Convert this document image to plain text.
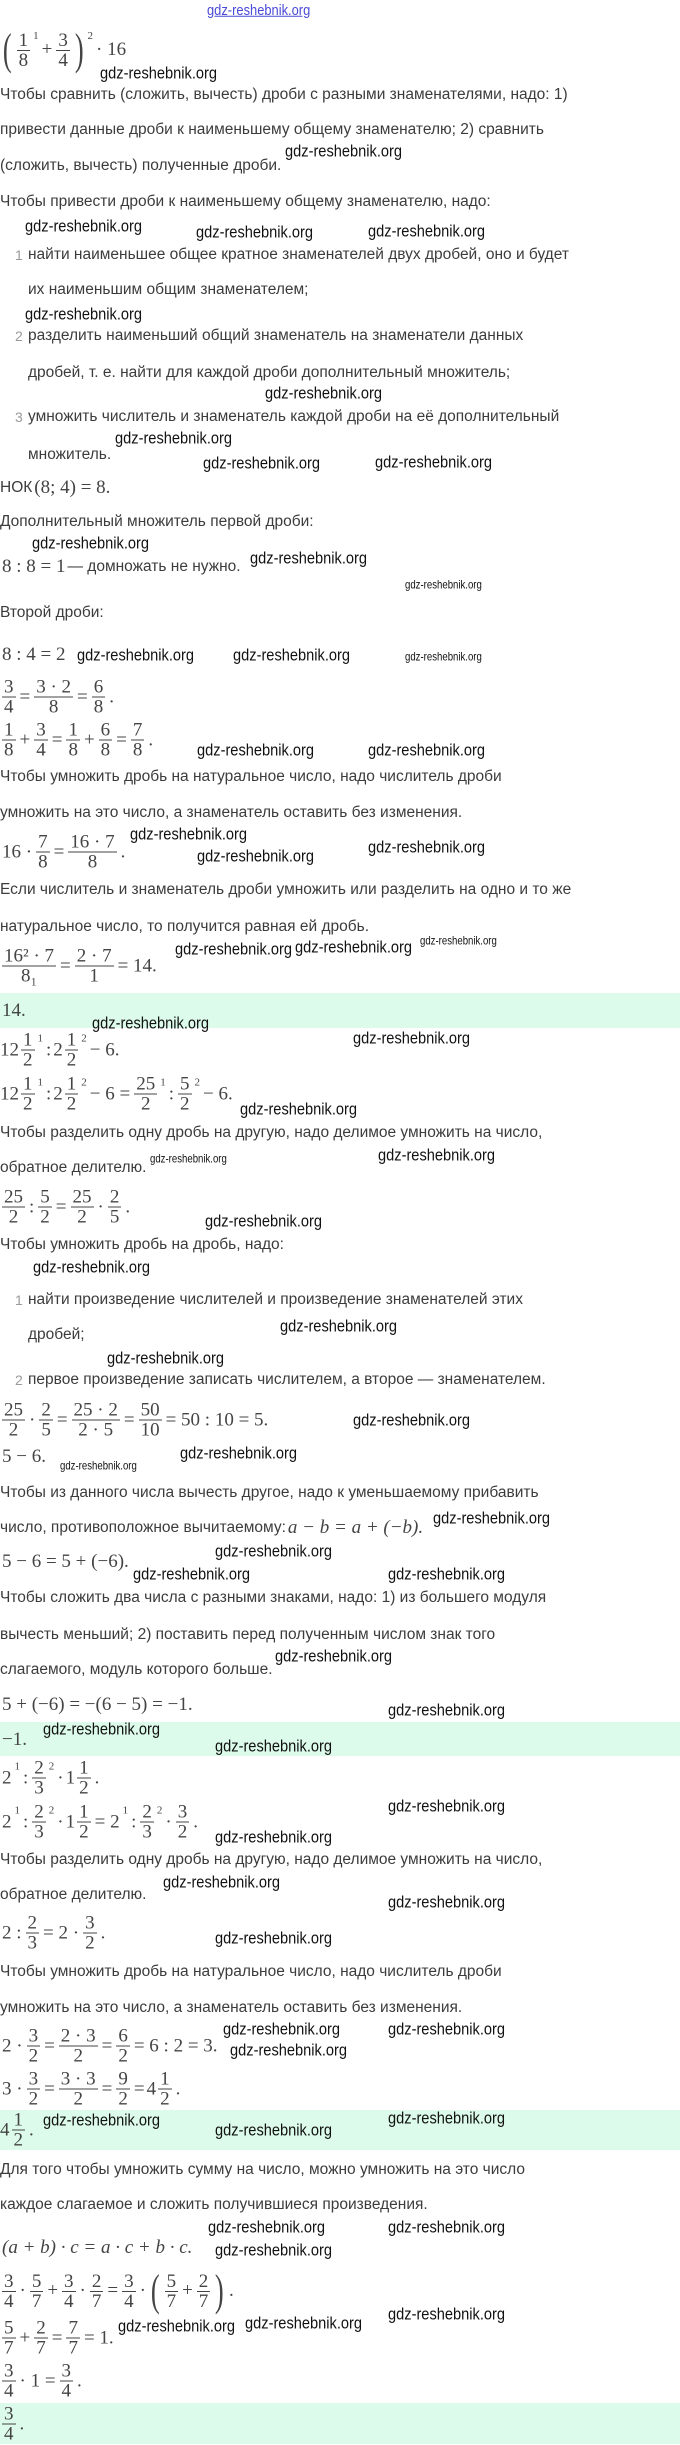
( $\frac{1}{8} 1$
+ $\frac{3}{4}$ ) 2
· 16
Чтобы сравнить (сложить, вычесть) дроби с разными знаменателями, надо: 1)
привести данные дроби к наименьшему общему знаменателю; 2) сравнить
(сложить, вычесть) полученные дроби.
Чтобы привести дроби к наименьшему общему знаменателю, надо:
1 найти наименьшее общее кратное знаменателей двух дробей, оно и будет
их наименьшим общим знаменателем;
2 разделить наименьший общий знаменатель на знаменатели данных
дробей, т. е. найти для каждой дроби дополнительный множитель;
3 умножить числитель и знаменатель каждой дроби на её дополнительный
множитель.
НОК (8; 4) = 8.
Дополнительный множитель первой дроби:
8 : 8 = 1 — домножать не нужно.
Второй дроби:
8 : 4 = 2
$\frac{3}{4} = \frac{3 \cdot 2}{8} = \frac{6}{8}$ .
$\frac{1}{8} + \frac{3}{4} = \frac{1}{8} + \frac{6}{8} = \frac{7}{8}$ .
Чтобы умножить дробь на натуральное число, надо числитель дроби
умножить на это число, а знаменатель оставить без изменения.
$16 \cdot \frac{7}{8} = \frac{16 \cdot 7}{8}$ .
Если числитель и знаменатель дроби умножить или разделить на одно и то же
натуральное число, то получится равная ей дробь.
$\frac{\text{16² · 7}}{\text{8₁}} = \frac{2 \cdot 7}{1} = 14$.
14.
$12 \frac{1}{2} 1$
: $2 \frac{1}{2} 2$
− 6.
$12 \frac{1}{2} 1$
: $2 \frac{1}{2} 2$
− $6 = \frac{25}{2} 1$
: $\frac{5}{2} 2$
− 6.
Чтобы разделить одну дробь на другую, надо делимое умножить на число,
обратное делителю.
$\frac{25}{2}$ : $\frac{5}{2} = \frac{25}{2} \cdot \frac{2}{5}$ .
Чтобы умножить дробь на дробь, надо:
1 найти произведение числителей и произведение знаменателей этих
дробей;
2 первое произведение записать числителем, а второе — знаменателем.
$\frac{25}{2} \cdot \frac{2}{5} = \frac{25 \cdot 2}{2 \cdot 5} = \frac{50}{10} = 50$ : 10 = 5.
5 − 6.
Чтобы из данного числа вычесть другое, надо к уменьшаемому прибавить
число, противоположное вычитаемому: a − b = a + (−b).
5 − 6 = 5 + (−6).
Чтобы сложить два числа с разными знаками, надо: 1) из большего модуля
вычесть меньший; 2) поставить перед полученным числом знак того
слагаемого, модуль которого больше.
5 + (−6) = −(6 − 5) = −1.
−1.
2
1
: $\frac{2}{3} 2$
· $1 \frac{1}{2}$ .
2
1
: $\frac{2}{3} 2$
· $1 \frac{1}{2} = 2$
1
: $\frac{2}{3} 2$
· $\frac{3}{2}$ .
Чтобы разделить одну дробь на другую, надо делимое умножить на число,
обратное делителю.
2 : $\frac{2}{3} = 2 \cdot \frac{3}{2}$ .
Чтобы умножить дробь на натуральное число, надо числитель дроби
умножить на это число, а знаменатель оставить без изменения.
$2 \cdot \frac{3}{2} = \frac{2 \cdot 3}{2} = \frac{6}{2} = 6$ : 2 = 3.
$3 \cdot \frac{3}{2} = \frac{3 \cdot 3}{2} = \frac{9}{2} = 4 \frac{1}{2}$ .
$4 \frac{1}{2}$ .
Для того чтобы умножить сумму на число, можно умножить на это число
каждое слагаемое и сложить получившиеся произведения.
(a + b) · c = a · c + b · c.
$\frac{3}{4} \cdot \frac{5}{7} + \frac{3}{4} \cdot \frac{2}{7} = \frac{3}{4}$ · ( $\frac{5}{7} + \frac{2}{7}$ ) .
$\frac{5}{7} + \frac{2}{7} = \frac{7}{7} = 1$.
$\frac{3}{4} \cdot 1 = \frac{3}{4}$ .
$\frac{3}{4}$ .
gdz-reshebnik.org
gdz-reshebnik.org
gdz-reshebnik.org
gdz-reshebnik.org	gdz-reshebnik.org	gdz-reshebnik.org
gdz-reshebnik.org
gdz-reshebnik.org
gdz-reshebnik.org
gdz-reshebnik.org	gdz-reshebnik.org
gdz-reshebnik.org
gdz-reshebnik.org
gdz-reshebnik.org
gdz-reshebnik.org gdz-reshebnik.org	gdz-reshebnik.org
gdz-reshebnik.org	gdz-reshebnik.org
gdz-reshebnik.org
gdz-reshebnik.org	gdz-reshebnik.org
gdz-reshebnik.org gdz-reshebnik.org gdz-reshebnik.org
gdz-reshebnik.org
gdz-reshebnik.org
gdz-reshebnik.org
gdz-reshebnik.org
gdz-reshebnik.org
gdz-reshebnik.org
gdz-reshebnik.org
gdz-reshebnik.org
gdz-reshebnik.org
gdz-reshebnik.org
gdz-reshebnik.org
gdz-reshebnik.org
gdz-reshebnik.org
gdz-reshebnik.org
gdz-reshebnik.org	gdz-reshebnik.org
gdz-reshebnik.org
gdz-reshebnik.org
gdz-reshebnik.org
gdz-reshebnik.org
gdz-reshebnik.org
gdz-reshebnik.org
gdz-reshebnik.org
gdz-reshebnik.org
gdz-reshebnik.org
gdz-reshebnik.org	gdz-reshebnik.org
gdz-reshebnik.org
gdz-reshebnik.org	gdz-reshebnik.org
gdz-reshebnik.org
gdz-reshebnik.org
gdz-reshebnik.org
gdz-reshebnik.org
gdz-reshebnik.org gdz-reshebnik.org gdz-reshebnik.org
